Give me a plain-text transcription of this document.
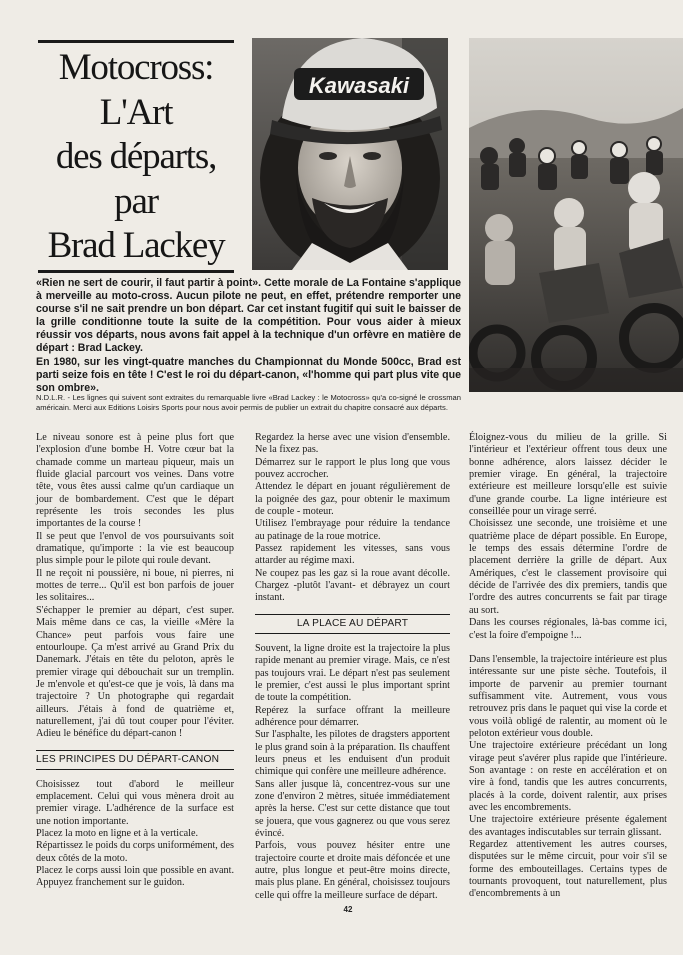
Motocross:
L'Art
des départs,
par
Brad Lackey
Kawasaki

«Rien ne sert de courir, il faut partir à point». Cette morale de La Fontaine s'applique à merveille au moto-cross. Aucun pilote ne peut, en effet, prétendre remporter une course s'il ne sait prendre un bon départ. Car cet instant fugitif qui suit le baisser de la grille conditionne toute la suite de la compétition. Pour vous aider à mieux réussir vos départs, nous avons fait appel à la technique d'un orfèvre en matière de départ : Brad Lackey.

En 1980, sur les vingt-quatre manches du Championnat du Monde 500cc, Brad est parti seize fois en tête ! C'est le roi du départ-canon, «l'homme qui part plus vite que son ombre».

N.D.L.R. - Les lignes qui suivent sont extraites du remarquable livre «Brad Lackey : le Motocross» qu'a co-signé le crossman américain. Merci aux Editions Loisirs Sports pour nous avoir permis de publier un extrait du chapitre consacré aux départs.

Le niveau sonore est à peine plus fort que l'explosion d'une bombe H. Votre cœur bat la chamade comme un marteau piqueur, mais un fluide glacial parcourt vos veines. Dans votre tête, vous êtes aussi calme qu'un cardiaque un jour de bombardement. C'est que le départ représente les trois secondes les plus importantes de la course !

Il se peut que l'envol de vos poursuivants soit dramatique, qu'importe : la vie est beaucoup plus simple pour le pilote qui roule devant.

Il ne reçoit ni poussière, ni boue, ni pierres, ni mottes de terre... Qu'il est bon parfois de jouer les solitaires...

S'échapper le premier au départ, c'est super. Mais même dans ce cas, la vieille «Mère la Chance» peut parfois vous faire une entourloupe. Ça m'est arrivé au Grand Prix du Danemark. J'étais en tête du peloton, après le premier virage qui débouchait sur un tremplin. Je m'envole et qu'est-ce que je vois, là dans ma trajectoire ? Un photographe qui regardait ailleurs. J'étais à fond de quatrième et, naturellement, j'ai dû tout couper pour l'éviter. Adieu le bénéfice du départ-canon !

LES PRINCIPES DU DÉPART-CANON

Choisissez tout d'abord le meilleur emplacement. Celui qui vous mènera droit au premier virage. L'adhérence de la surface est une notion importante.

Placez la moto en ligne et à la verticale.

Répartissez le poids du corps uniformément, des deux côtés de la moto.

Placez le corps aussi loin que possible en avant. Appuyez franchement sur le guidon.

Regardez la herse avec une vision d'ensemble. Ne la fixez pas.

Démarrez sur le rapport le plus long que vous pouvez accrocher.

Attendez le départ en jouant régulièrement de la poignée des gaz, pour obtenir le maximum de couple - moteur.

Utilisez l'embrayage pour réduire la tendance au patinage de la roue motrice.

Passez rapidement les vitesses, sans vous attarder au régime maxi.

Ne coupez pas les gaz si la roue avant décolle. Chargez -plutôt l'avant- et débrayez un court instant.

LA PLACE AU DÉPART

Souvent, la ligne droite est la trajectoire la plus rapide menant au premier virage. Mais, ce n'est pas toujours vrai. Le départ n'est pas seulement le premier, c'est aussi le plus important sprint de toute la compétition.

Repérez la surface offrant la meilleure adhérence pour démarrer.

Sur l'asphalte, les pilotes de dragsters apportent le plus grand soin à la préparation. Ils chauffent leurs pneus et les enduisent d'un produit chimique qui confère une meilleure adhérence.

Sans aller jusque là, concentrez-vous sur une zone d'environ 2 mètres, située immédiatement après la herse. C'est sur cette distance que tout se jouera, que vous gagnerez ou que vous serez évincé.

Parfois, vous pouvez hésiter entre une trajectoire courte et droite mais défoncée et une autre, plus longue et peut-être moins directe, mais plus plane. En général, choisissez toujours celle qui offre la meilleure surface de départ.

Éloignez-vous du milieu de la grille. Si l'intérieur et l'extérieur offrent tous deux une bonne adhérence, alors laissez décider le premier virage. En général, la trajectoire extérieure est meilleure lorsqu'elle est suivie d'une grande courbe. La ligne intérieure est conseillée pour un virage serré.

Choisissez une seconde, une troisième et une quatrième place de départ possible. En Europe, le temps des essais détermine l'ordre de placement derrière la grille de départ. Aux Amériques, c'est le classement provisoire qui décide de l'arrivée des dix premiers, tandis que l'ordre des autres concurrents se fait par tirage au sort.

Dans les courses régionales, là-bas comme ici, c'est la foire d'empoigne !...

Dans l'ensemble, la trajectoire intérieure est plus intéressante sur une piste sèche. Toutefois, il importe de parvenir au premier tournant suffisamment vite. Autrement, vous vous retrouvez pris dans le paquet qui vise la corde et vous voilà obligé de ralentir, au moment où le peloton extérieur vous double.

Une trajectoire extérieure précédant un long virage peut s'avérer plus rapide que l'intérieure. Son avantage : on reste en accélération et on vire à fond, tandis que les autres concurrents, placés à la corde, doivent ralentir, aux prises avec les encombrements.

Une trajectoire extérieure présente également des avantages indiscutables sur terrain glissant.

Regardez attentivement les autres courses, disputées sur le même circuit, pour voir s'il se forme des embouteillages. Certains types de tournants provoquent, tout naturellement, plus d'encombrements à un

42
